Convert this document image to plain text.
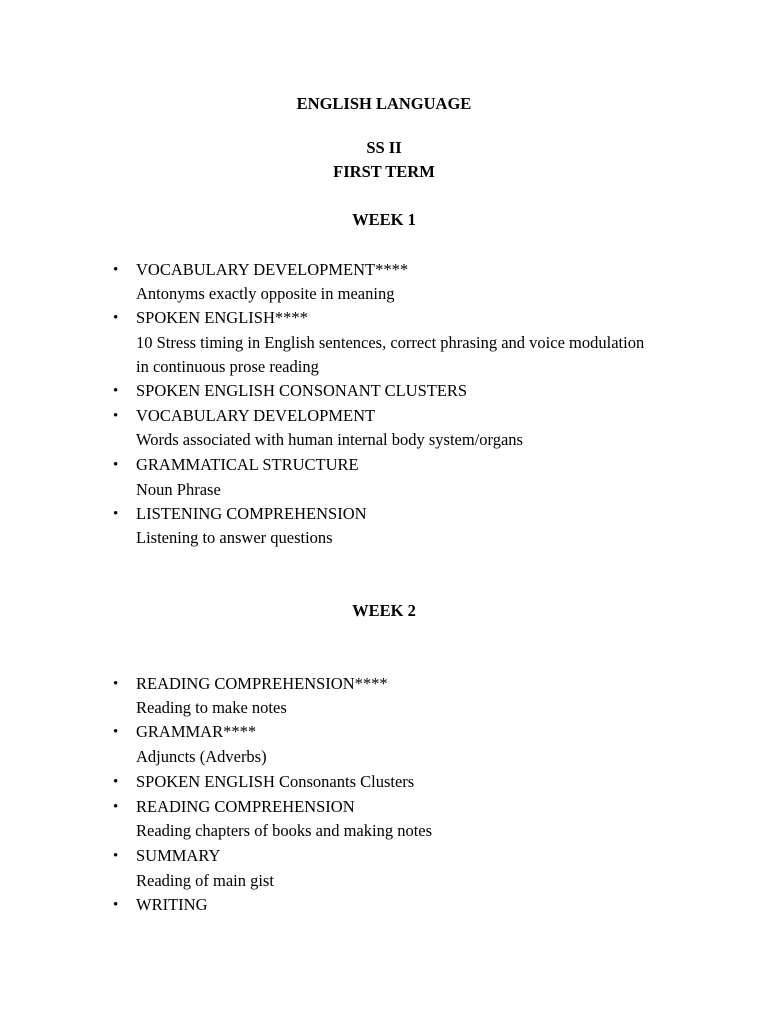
ENGLISH LANGUAGE
SS II
FIRST TERM
WEEK 1
• VOCABULARY DEVELOPMENT****
Antonyms exactly opposite in meaning
• SPOKEN ENGLISH****
10 Stress timing in English sentences, correct phrasing and voice modulation
in continuous prose reading
• SPOKEN ENGLISH CONSONANT CLUSTERS
• VOCABULARY DEVELOPMENT
Words associated with human internal body system/organs
• GRAMMATICAL STRUCTURE
Noun Phrase
• LISTENING COMPREHENSION
Listening to answer questions
WEEK 2
• READING COMPREHENSION****
Reading to make notes
• GRAMMAR****
Adjuncts (Adverbs)
• SPOKEN ENGLISH Consonants Clusters
• READING COMPREHENSION
Reading chapters of books and making notes
• SUMMARY
Reading of main gist
• WRITING
